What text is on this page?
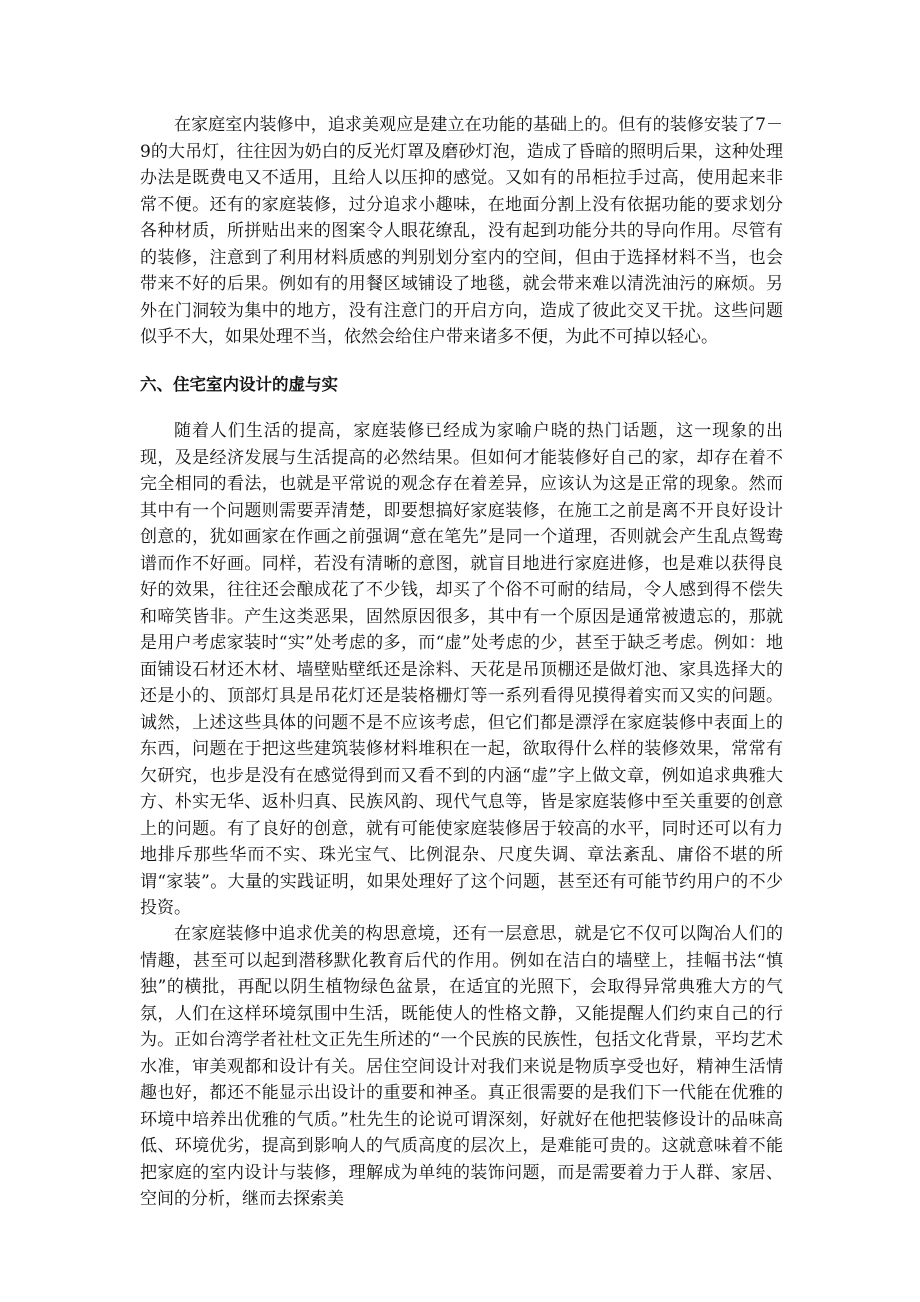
在家庭室内装修中，追求美观应是建立在功能的基础上的。但有的装修安装了7－9的大吊灯，往往因为奶白的反光灯罩及磨砂灯泡，造成了昏暗的照明后果，这种处理办法是既费电又不适用，且给人以压抑的感觉。又如有的吊柜拉手过高，使用起来非常不便。还有的家庭装修，过分追求小趣味，在地面分割上没有依据功能的要求划分各种材质，所拼贴出来的图案令人眼花缭乱，没有起到功能分共的导向作用。尽管有的装修，注意到了利用材料质感的判别划分室内的空间，但由于选择材料不当，也会带来不好的后果。例如有的用餐区域铺设了地毯，就会带来难以清洗油污的麻烦。另外在门洞较为集中的地方，没有注意门的开启方向，造成了彼此交叉干扰。这些问题似乎不大，如果处理不当，依然会给住户带来诸多不便，为此不可掉以轻心。

六、住宅室内设计的虚与实

随着人们生活的提高，家庭装修已经成为家喻户晓的热门话题，这一现象的出现，及是经济发展与生活提高的必然结果。但如何才能装修好自己的家，却存在着不完全相同的看法，也就是平常说的观念存在着差异，应该认为这是正常的现象。然而其中有一个问题则需要弄清楚，即要想搞好家庭装修，在施工之前是离不开良好设计创意的，犹如画家在作画之前强调“意在笔先”是同一个道理，否则就会产生乱点鸳鸯谱而作不好画。同样，若没有清晰的意图，就盲目地进行家庭进修，也是难以获得良好的效果，往往还会酿成花了不少钱，却买了个俗不可耐的结局，令人感到得不偿失和啼笑皆非。产生这类恶果，固然原因很多，其中有一个原因是通常被遗忘的，那就是用户考虑家装时“实”处考虑的多，而“虚”处考虑的少，甚至于缺乏考虑。例如：地面铺设石材还木材、墙壁贴壁纸还是涂料、天花是吊顶棚还是做灯池、家具选择大的还是小的、顶部灯具是吊花灯还是装格栅灯等一系列看得见摸得着实而又实的问题。诚然，上述这些具体的问题不是不应该考虑，但它们都是漂浮在家庭装修中表面上的东西，问题在于把这些建筑装修材料堆积在一起，欲取得什么样的装修效果，常常有欠研究，也步是没有在感觉得到而又看不到的内涵“虚”字上做文章，例如追求典雅大方、朴实无华、返朴归真、民族风韵、现代气息等，皆是家庭装修中至关重要的创意上的问题。有了良好的创意，就有可能使家庭装修居于较高的水平，同时还可以有力地排斥那些华而不实、珠光宝气、比例混杂、尺度失调、章法紊乱、庸俗不堪的所谓“家装”。大量的实践证明，如果处理好了这个问题，甚至还有可能节约用户的不少投资。

在家庭装修中追求优美的构思意境，还有一层意思，就是它不仅可以陶冶人们的情趣，甚至可以起到潜移默化教育后代的作用。例如在洁白的墙壁上，挂幅书法“慎独”的横批，再配以阴生植物绿色盆景，在适宜的光照下，会取得异常典雅大方的气氛，人们在这样环境氛围中生活，既能使人的性格文静，又能提醒人们约束自己的行为。正如台湾学者社杜文正先生所述的“一个民族的民族性，包括文化背景，平均艺术水准，审美观都和设计有关。居住空间设计对我们来说是物质享受也好，精神生活情趣也好，都还不能显示出设计的重要和神圣。真正很需要的是我们下一代能在优雅的环境中培养出优雅的气质。”杜先生的论说可谓深刻，好就好在他把装修设计的品味高低、环境优劣，提高到影响人的气质高度的层次上，是难能可贵的。这就意味着不能把家庭的室内设计与装修，理解成为单纯的装饰问题，而是需要着力于人群、家居、空间的分析，继而去探索美
